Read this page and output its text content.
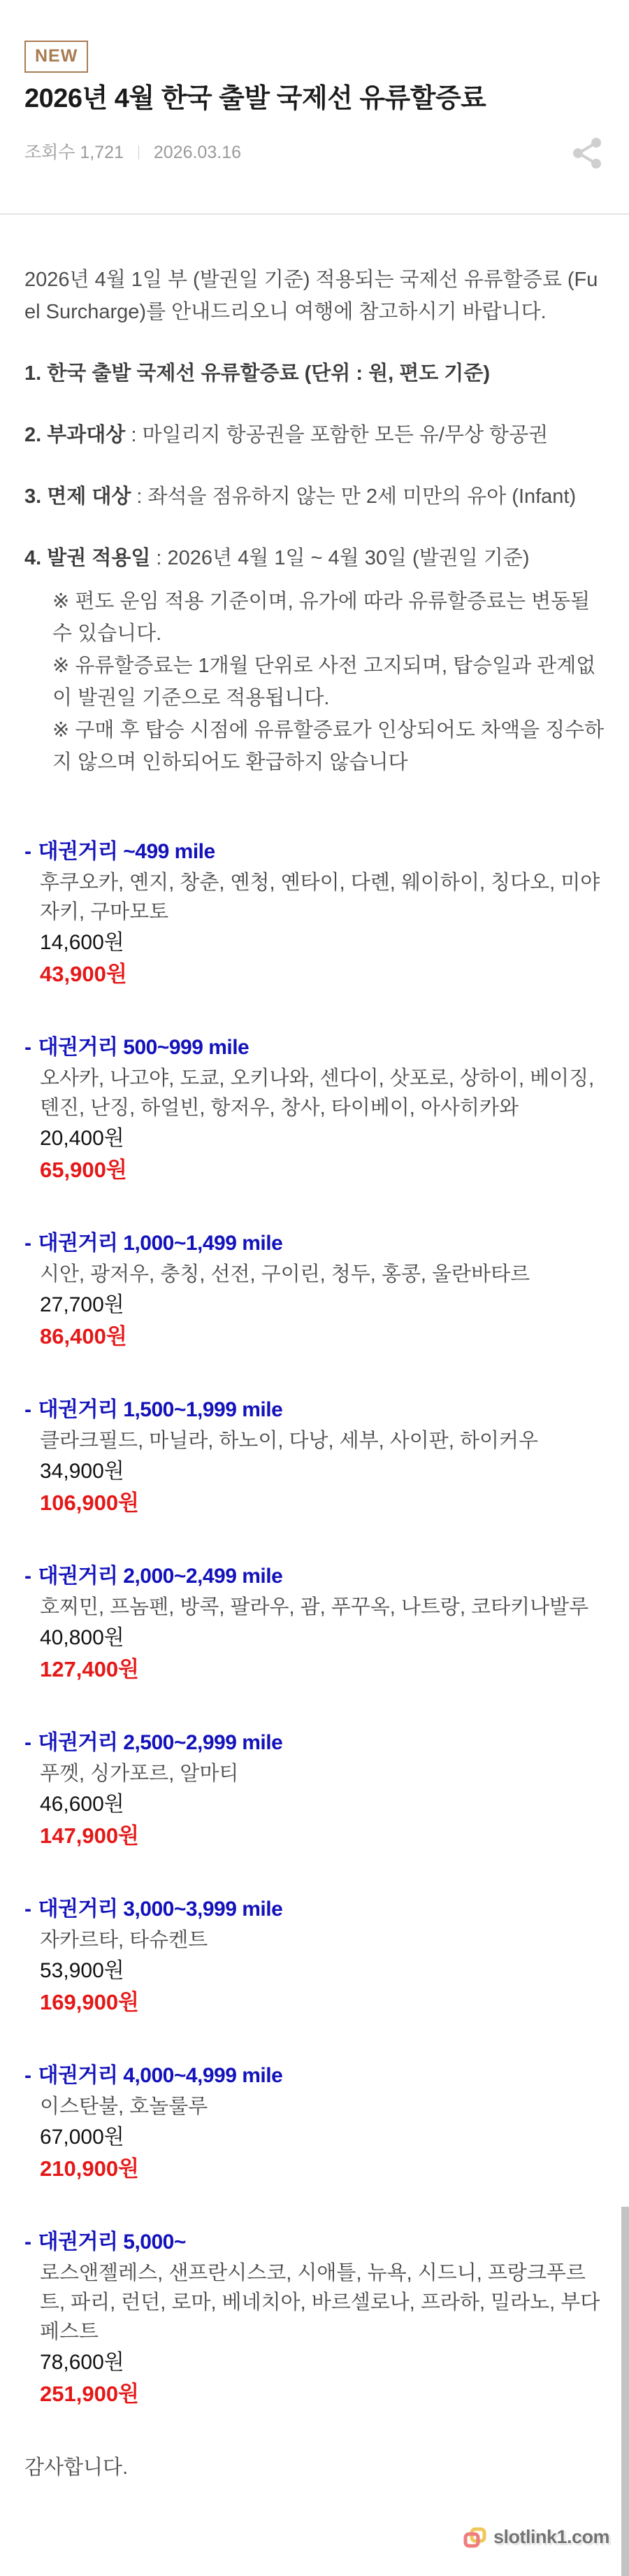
NEW
2026년 4월 한국 출발 국제선 유류할증료
조회수 1,721 2026.03.16

2026년 4월 1일 부 (발권일 기준) 적용되는 국제선 유류할증료 (Fuel Surcharge)를 안내드리오니 여행에 참고하시기 바랍니다.

1. 한국 출발 국제선 유류할증료 (단위 : 원, 편도 기준)

2. 부과대상 : 마일리지 항공권을 포함한 모든 유/무상 항공권

3. 면제 대상 : 좌석을 점유하지 않는 만 2세 미만의 유아 (Infant)

4. 발권 적용일 : 2026년 4월 1일 ~ 4월 30일 (발권일 기준)

※ 편도 운임 적용 기준이며, 유가에 따라 유류할증료는 변동될 수 있습니다.

※ 유류할증료는 1개월 단위로 사전 고지되며, 탑승일과 관계없이 발권일 기준으로 적용됩니다.

※ 구매 후 탑승 시점에 유류할증료가 인상되어도 차액을 징수하지 않으며 인하되어도 환급하지 않습니다

- 대권거리 ~499 mile

후쿠오카, 옌지, 창춘, 옌청, 옌타이, 다롄, 웨이하이, 칭다오, 미야자키, 구마모토

14,600원

43,900원

- 대권거리 500~999 mile

오사카, 나고야, 도쿄, 오키나와, 센다이, 삿포로, 상하이, 베이징, 톈진, 난징, 하얼빈, 항저우, 창사, 타이베이, 아사히카와

20,400원

65,900원

- 대권거리 1,000~1,499 mile

시안, 광저우, 충칭, 선전, 구이린, 청두, 홍콩, 울란바타르

27,700원

86,400원

- 대권거리 1,500~1,999 mile

클라크필드, 마닐라, 하노이, 다낭, 세부, 사이판, 하이커우

34,900원

106,900원

- 대권거리 2,000~2,499 mile

호찌민, 프놈펜, 방콕, 팔라우, 괌, 푸꾸옥, 나트랑, 코타키나발루

40,800원

127,400원

- 대권거리 2,500~2,999 mile

푸껫, 싱가포르, 알마티

46,600원

147,900원

- 대권거리 3,000~3,999 mile

자카르타, 타슈켄트

53,900원

169,900원

- 대권거리 4,000~4,999 mile

이스탄불, 호놀룰루

67,000원

210,900원

- 대권거리 5,000~

로스앤젤레스, 샌프란시스코, 시애틀, 뉴욕, 시드니, 프랑크푸르트, 파리, 런던, 로마, 베네치아, 바르셀로나, 프라하, 밀라노, 부다페스트

78,600원

251,900원

감사합니다.

slotlink1.com
